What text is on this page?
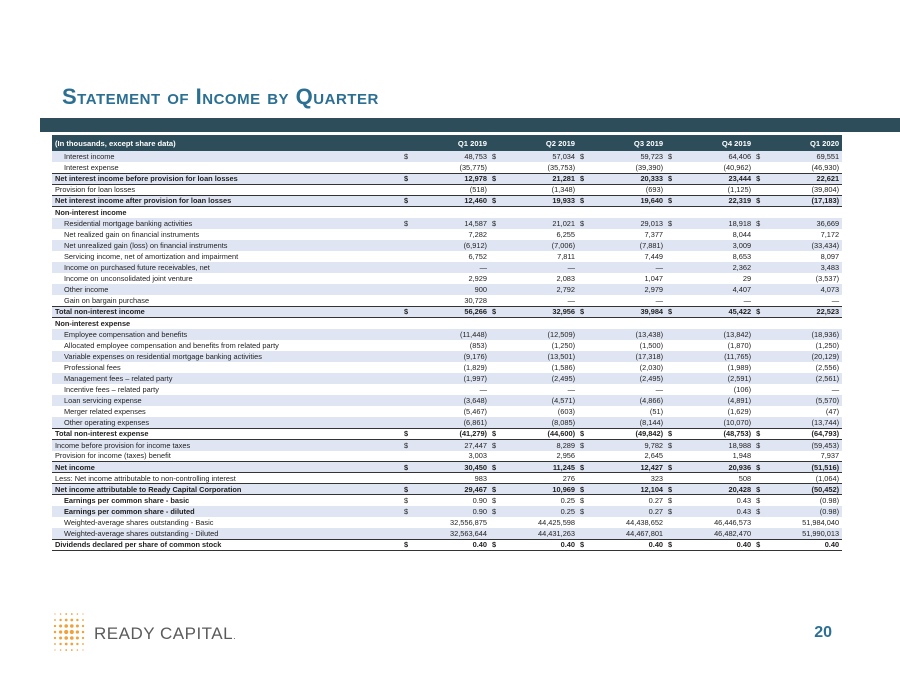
Statement of Income by Quarter
(In thousands, except share data)	Q1 2019		Q2 2019		Q3 2019		Q4 2019		Q1 2020	
Interest income	$	48,753	$	57,034	$	59,723	$	64,406	$	69,551
Interest expense		(35,775)		(35,753)		(39,390)		(40,962)		(46,930)
Net interest income before provision for loan losses	$	12,978	$	21,281	$	20,333	$	23,444	$	22,621
Provision for loan losses		(518)		(1,348)		(693)		(1,125)		(39,804)
Net interest income after provision for loan losses	$	12,460	$	19,933	$	19,640	$	22,319	$	(17,183)
Non-interest income										
Residential mortgage banking activities	$	14,587	$	21,021	$	29,013	$	18,918	$	36,669
Net realized gain on financial instruments		7,282		6,255		7,377		8,044		7,172
Net unrealized gain (loss) on financial instruments		(6,912)		(7,006)		(7,881)		3,009		(33,434)
Servicing income, net of amortization and impairment		6,752		7,811		7,449		8,653		8,097
Income on purchased future receivables, net		—		—		—		2,362		3,483
Income on unconsolidated joint venture		2,929		2,083		1,047		29		(3,537)
Other income		900		2,792		2,979		4,407		4,073
Gain on bargain purchase		30,728		—		—		—		—
Total non-interest income	$	56,266	$	32,956	$	39,984	$	45,422	$	22,523
Non-interest expense										
Employee compensation and benefits		(11,448)		(12,509)		(13,438)		(13,842)		(18,936)
Allocated employee compensation and benefits from related party		(853)		(1,250)		(1,500)		(1,870)		(1,250)
Variable expenses on residential mortgage banking activities		(9,176)		(13,501)		(17,318)		(11,765)		(20,129)
Professional fees		(1,829)		(1,586)		(2,030)		(1,989)		(2,556)
Management fees – related party		(1,997)		(2,495)		(2,495)		(2,591)		(2,561)
Incentive fees – related party		—		—		—		(106)		—
Loan servicing expense		(3,648)		(4,571)		(4,866)		(4,891)		(5,570)
Merger related expenses		(5,467)		(603)		(51)		(1,629)		(47)
Other operating expenses		(6,861)		(8,085)		(8,144)		(10,070)		(13,744)
Total non-interest expense	$	(41,279)	$	(44,600)	$	(49,842)	$	(48,753)	$	(64,793)
Income before provision for income taxes	$	27,447	$	8,289	$	9,782	$	18,988	$	(59,453)
Provision for income (taxes) benefit		3,003		2,956		2,645		1,948		7,937
Net income	$	30,450	$	11,245	$	12,427	$	20,936	$	(51,516)
Less: Net income attributable to non-controlling interest		983		276		323		508		(1,064)
Net income attributable to Ready Capital Corporation	$	29,467	$	10,969	$	12,104	$	20,428	$	(50,452)
Earnings per common share - basic	$	0.90	$	0.25	$	0.27	$	0.43	$	(0.98)
Earnings per common share - diluted	$	0.90	$	0.25	$	0.27	$	0.43	$	(0.98)
Weighted-average shares outstanding - Basic		32,556,875		44,425,598		44,438,652		46,446,573		51,984,040
Weighted-average shares outstanding - Diluted		32,563,644		44,431,263		44,467,801		46,482,470		51,990,013
Dividends declared per share of common stock	$	0.40	$	0.40	$	0.40	$	0.40	$	0.40
READY CAPITAL.	20
